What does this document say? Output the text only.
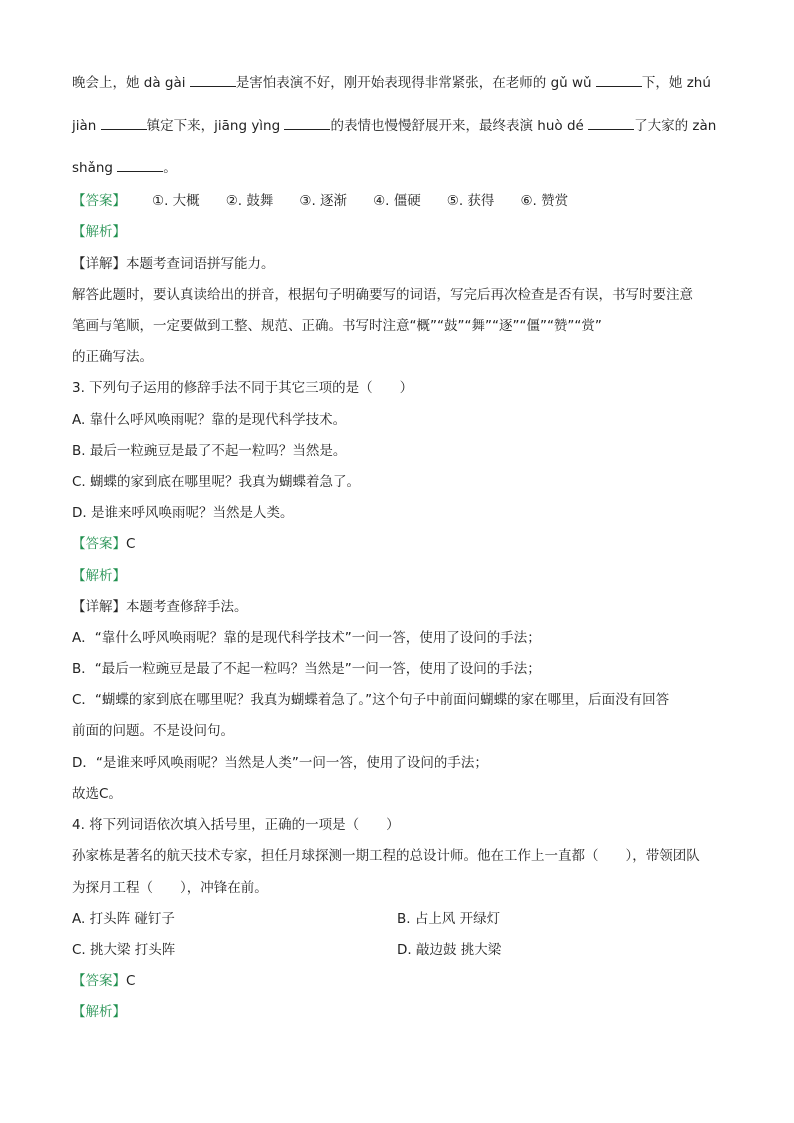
晚会上，她 dà gài	是害怕表演不好，刚开始表现得非常紧张，在老师的 gǔ wǔ	下，她 zhú
jiàn	镇定下来，jiāng yìng	的表情也慢慢舒展开来，最终表演 huò dé	了大家的 zàn
shǎng	。
【答案】 ①. 大概 ②. 鼓舞 ③. 逐渐 ④. 僵硬 ⑤. 获得 ⑥. 赞赏
【解析】
【详解】本题考查词语拼写能力。
解答此题时，要认真读给出的拼音，根据句子明确要写的词语，写完后再次检查是否有误，书写时要注意
笔画与笔顺，一定要做到工整、规范、正确。书写时注意“概”“鼓”“舞”“逐”“僵”“赞”“赏”
的正确写法。
3. 下列句子运用的修辞手法不同于其它三项的是（　　）
A. 靠什么呼风唤雨呢？靠的是现代科学技术。
B. 最后一粒豌豆是最了不起一粒吗？当然是。
C. 蝴蝶的家到底在哪里呢？我真为蝴蝶着急了。
D. 是谁来呼风唤雨呢？当然是人类。
【答案】C
【解析】
【详解】本题考查修辞手法。
A．“靠什么呼风唤雨呢？靠的是现代科学技术”一问一答，使用了设问的手法；
B．“最后一粒豌豆是最了不起一粒吗？当然是”一问一答，使用了设问的手法；
C．“蝴蝶的家到底在哪里呢？我真为蝴蝶着急了。”这个句子中前面问蝴蝶的家在哪里，后面没有回答
前面的问题。不是设问句。
D．“是谁来呼风唤雨呢？当然是人类”一问一答，使用了设问的手法；
故选C。
4. 将下列词语依次填入括号里，正确的一项是（　　）
孙家栋是著名的航天技术专家，担任月球探测一期工程的总设计师。他在工作上一直都（　　），带领团队
为探月工程（　　），冲锋在前。
A. 打头阵 碰钉子	B. 占上风 开绿灯
C. 挑大梁 打头阵	D. 敲边鼓 挑大梁
【答案】C
【解析】
